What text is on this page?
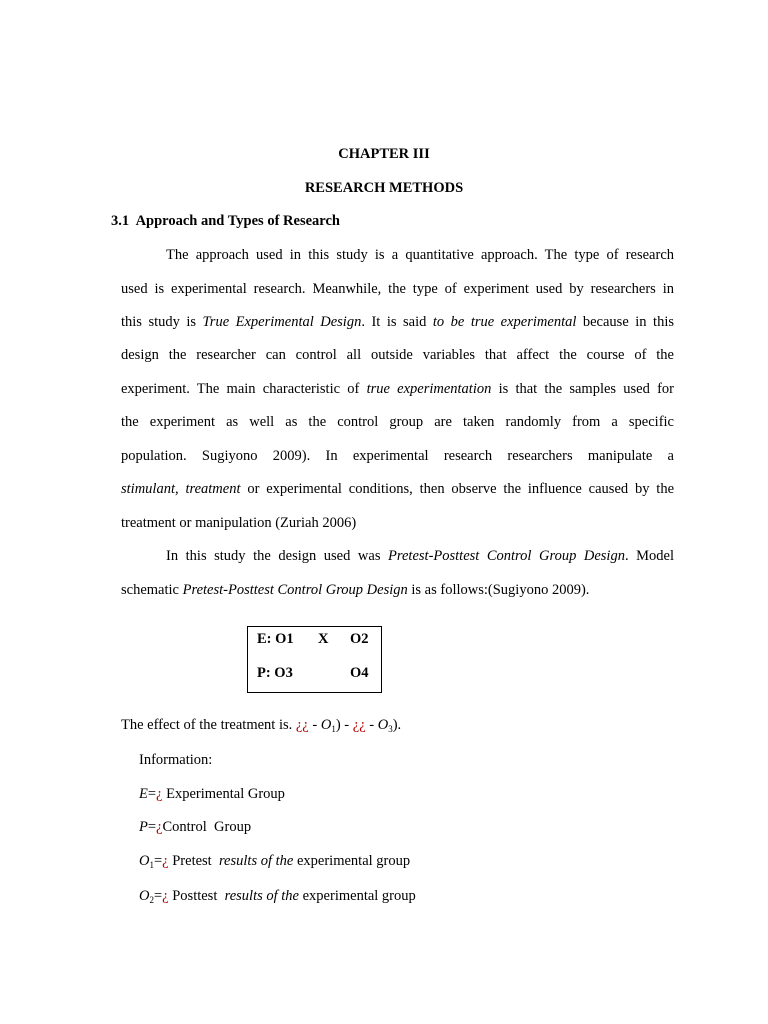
CHAPTER III

RESEARCH METHODS

3.1  Approach and Types of Research

The approach used in this study is a quantitative approach. The type of research

used is experimental research. Meanwhile, the type of experiment used by researchers in

this study is True Experimental Design. It is said to be true experimental because in this

design the researcher can control all outside variables that affect the course of the

experiment. The main characteristic of true experimentation is that the samples used for

the experiment as well as the control group are taken randomly from a specific

population. Sugiyono 2009). In experimental research researchers manipulate a

stimulant, treatment or experimental conditions, then observe the influence caused by the

treatment or manipulation (Zuriah 2006)

In this study the design used was Pretest-Posttest Control Group Design. Model

schematic Pretest-Posttest Control Group Design is as follows:(Sugiyono 2009).

E: O1 X O2
P: O3	O4

The effect of the treatment is. ¿¿ - $O_1$) - ¿¿ - $O_3$).

Information:

E=¿ Experimental Group

P=¿Control  Group

$O_1=¿$ Pretest  results of the experimental group

$O_2=¿$ Posttest  results of the experimental group
